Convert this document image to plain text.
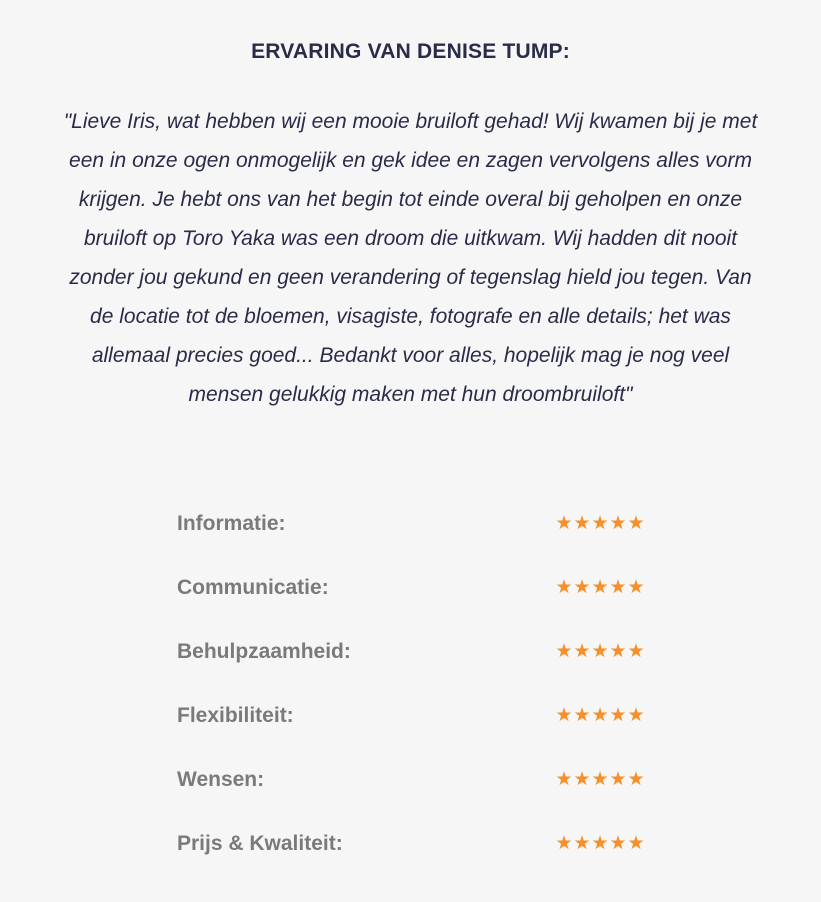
ERVARING VAN DENISE TUMP:

"Lieve Iris, wat hebben wij een mooie bruiloft gehad! Wij kwamen bij je met een in onze ogen onmogelijk en gek idee en zagen vervolgens alles vorm krijgen. Je hebt ons van het begin tot einde overal bij geholpen en onze bruiloft op Toro Yaka was een droom die uitkwam. Wij hadden dit nooit zonder jou gekund en geen verandering of tegenslag hield jou tegen. Van de locatie tot de bloemen, visagiste, fotografe en alle details; het was allemaal precies goed... Bedankt voor alles, hopelijk mag je nog veel mensen gelukkig maken met hun droombruiloft"

Informatie:	★ ★ ★ ★ ★
Communicatie:	★ ★ ★ ★ ★
Behulpzaamheid:	★ ★ ★ ★ ★
Flexibiliteit:	★ ★ ★ ★ ★
Wensen:	★ ★ ★ ★ ★
Prijs & Kwaliteit:	★ ★ ★ ★ ★
